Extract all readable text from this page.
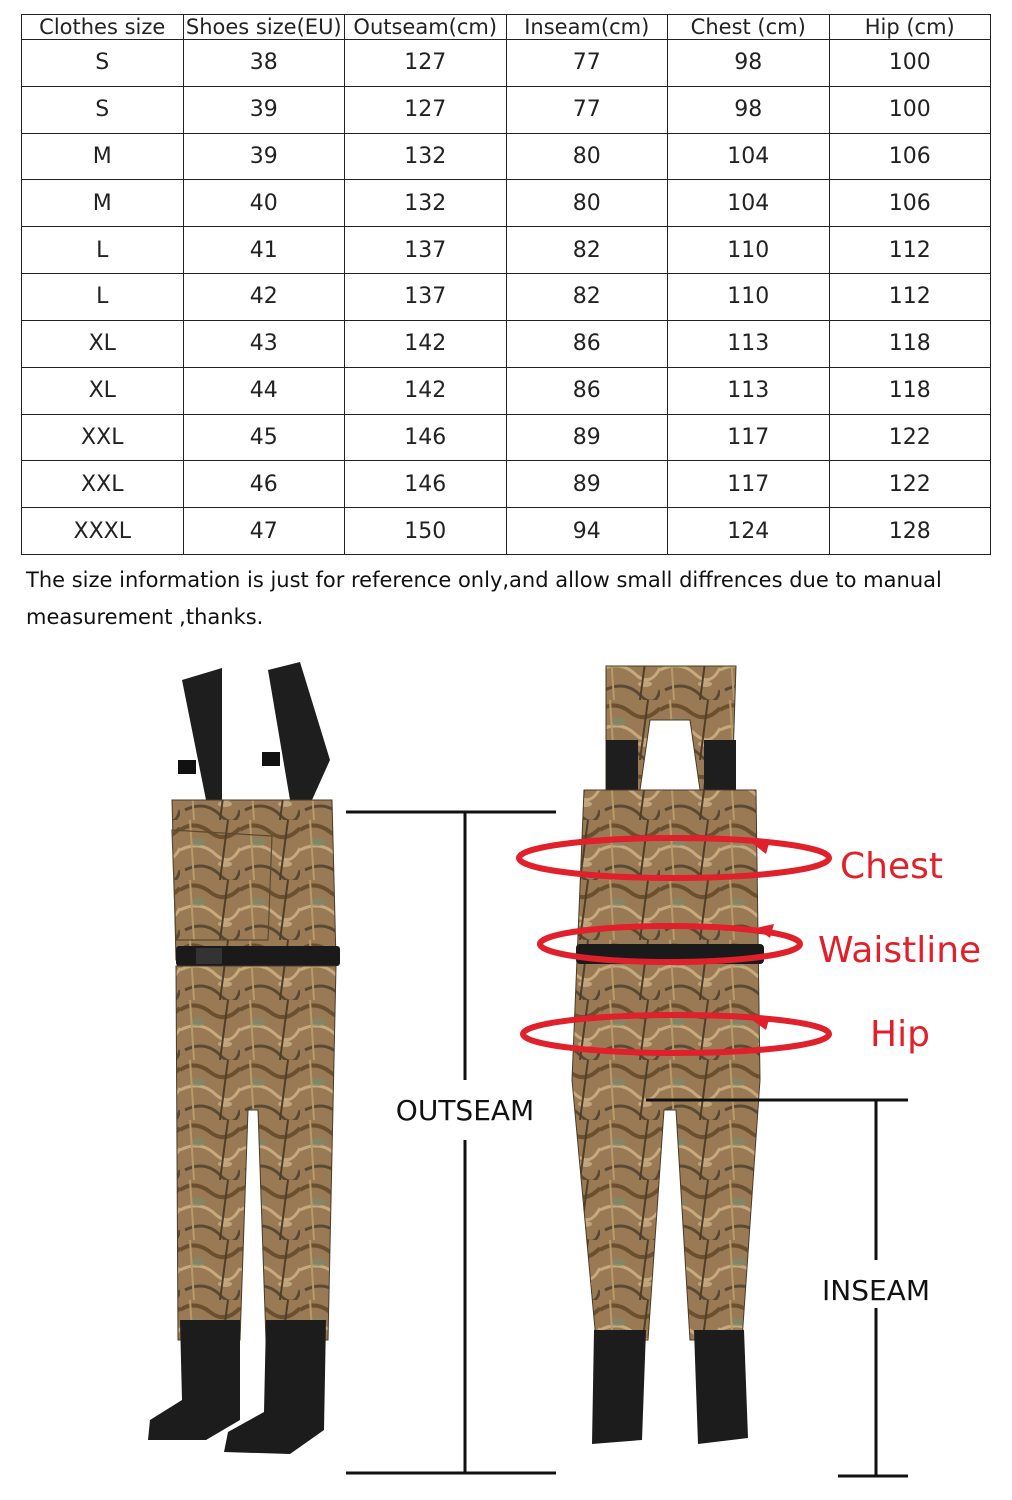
Clothes size	Shoes size(EU)	Outseam(cm)	Inseam(cm)	Chest (cm)	Hip (cm)
S	38	127	77	98	100
S	39	127	77	98	100
M	39	132	80	104	106
M	40	132	80	104	106
L	41	137	82	110	112
L	42	137	82	110	112
XL	43	142	86	113	118
XL	44	142	86	113	118
XXL	45	146	89	117	122
XXL	46	146	89	117	122
XXXL	47	150	94	124	128
The size information is just for reference only,and allow small diffrences due to manual measurement ,thanks.
OUTSEAM
Chest
Waistline
Hip
INSEAM
